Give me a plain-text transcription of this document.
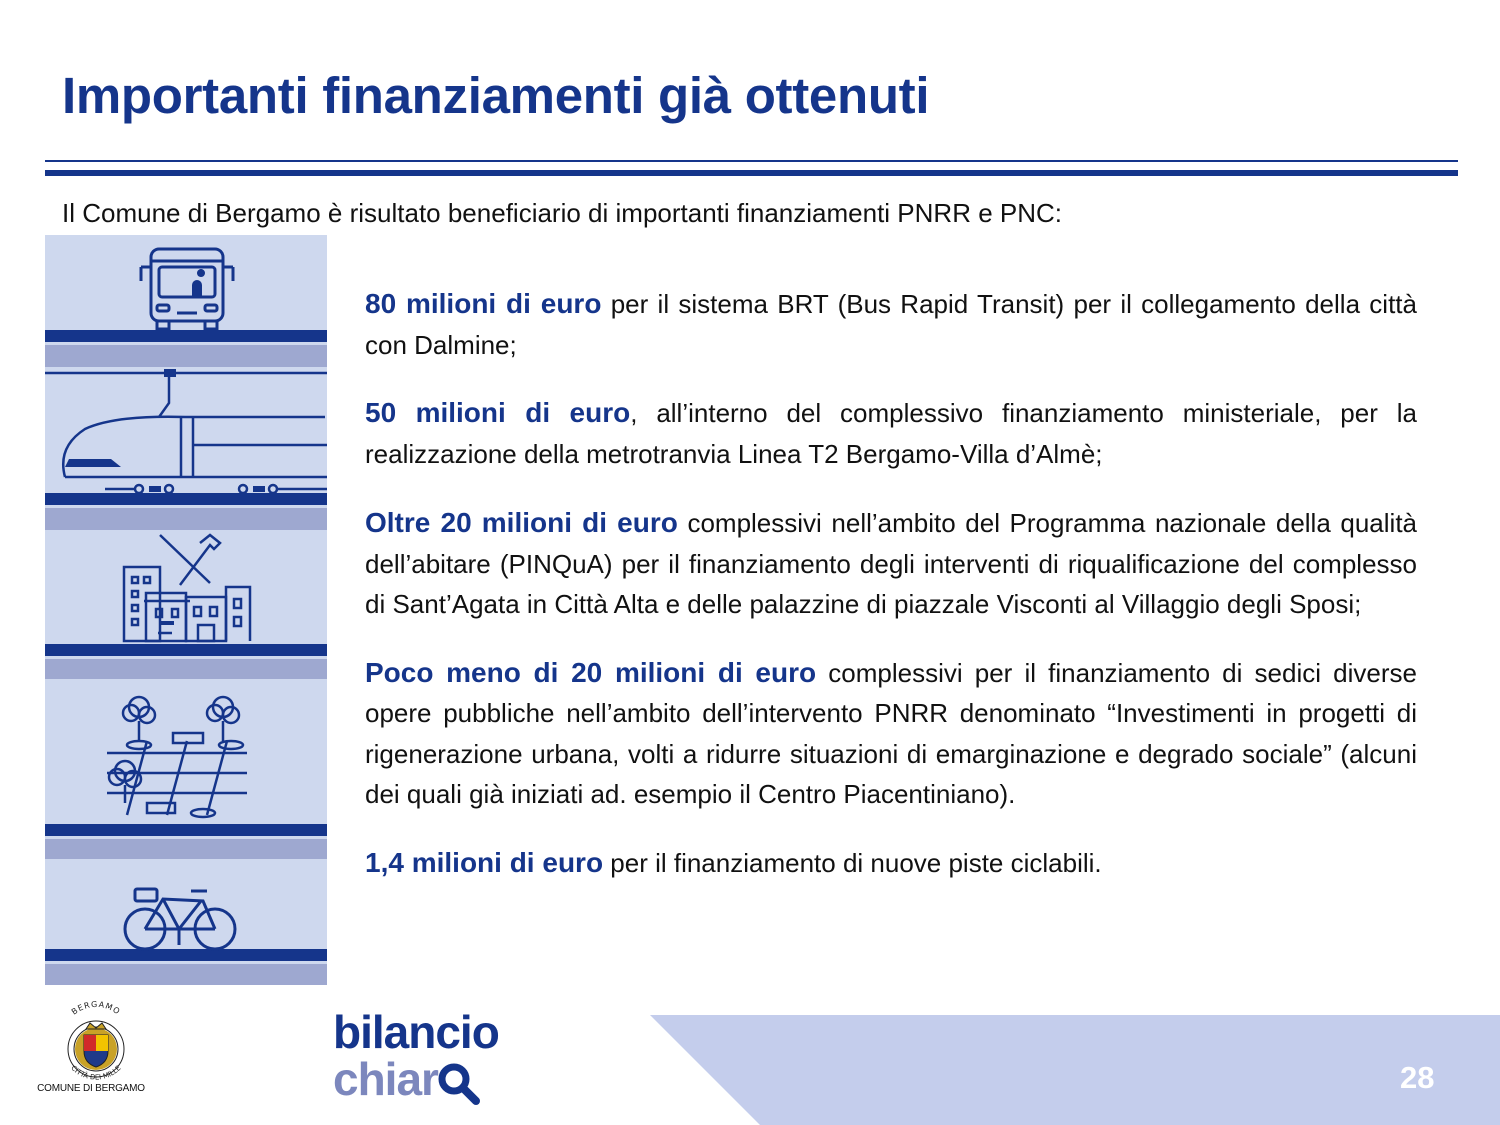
Importanti finanziamenti già ottenuti
Il Comune di Bergamo è risultato beneficiario di importanti finanziamenti PNRR e PNC:

80 milioni di euro per il sistema BRT (Bus Rapid Transit) per il collegamento della città con Dalmine;

50 milioni di euro, all’interno del complessivo finanziamento ministeriale, per la realizzazione della metrotranvia Linea T2 Bergamo-Villa d’Almè;

Oltre 20 milioni di euro complessivi nell’ambito del Programma nazionale della qualità dell’abitare (PINQuA) per il finanziamento degli interventi di riqualificazione del complesso di Sant’Agata in Città Alta e delle palazzine di piazzale Visconti al Villaggio degli Sposi;

Poco meno di 20 milioni di euro complessivi per il finanziamento di sedici diverse opere pubbliche nell’ambito dell’intervento PNRR denominato “Investimenti in progetti di rigenerazione urbana, volti a ridurre situazioni di emarginazione e degrado sociale” (alcuni dei quali già iniziati ad. esempio il Centro Piacentiniano).

1,4 milioni di euro per il finanziamento di nuove piste ciclabili.

BERGAMO
CITTÀ DEI MILLE
COMUNE DI BERGAMO
bilancio
chiar	28
